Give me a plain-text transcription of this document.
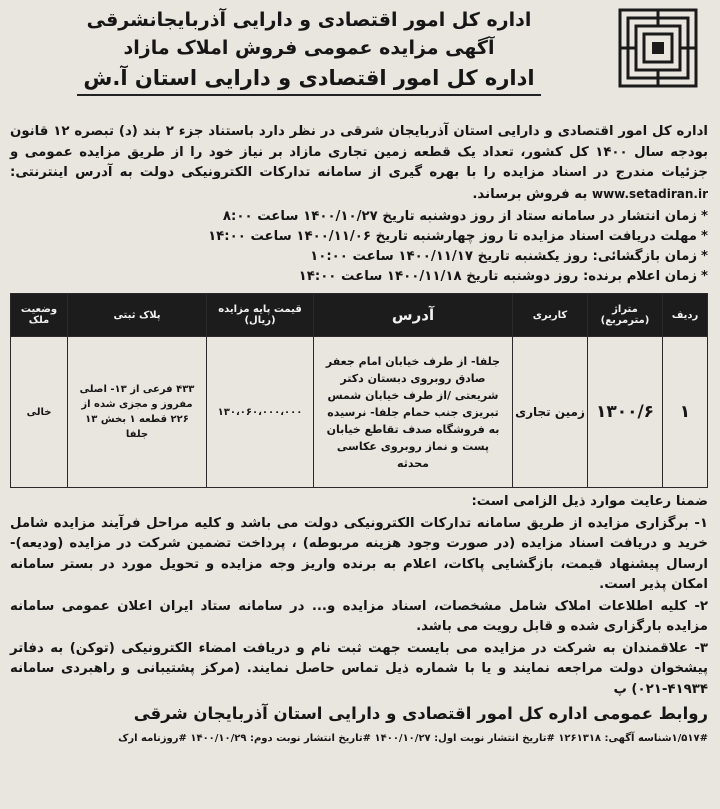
اداره کل امور اقتصادی و دارایی آذربایجانشرقی
آگهی مزایده عمومی فروش املاک مازاد
اداره کل امور اقتصادی و دارایی استان آ.ش
اداره کل امور اقتصادی و دارایی استان آذربایجان شرقی در نظر دارد باستناد جزء ۲ بند (د) تبصره ۱۲ قانون بودجه سال ۱۴۰۰ کل کشور، تعداد یک قطعه زمین تجاری مازاد بر نیاز خود را از طریق مزایده عمومی و جزئیات مندرج در اسناد مزایده را با بهره گیری از سامانه تدارکات الکترونیکی دولت به آدرس اینترنتی: www.setadiran.ir به فروش برساند.
*زمان انتشار در سامانه ستاد از روز دوشنبه تاریخ ۱۴۰۰/۱۰/۲۷ ساعت ۸:۰۰
*مهلت دریافت اسناد مزایده تا روز چهارشنبه تاریخ ۱۴۰۰/۱۱/۰۶ ساعت ۱۴:۰۰
*زمان بازگشائی: روز یکشنبه تاریخ ۱۴۰۰/۱۱/۱۷ ساعت ۱۰:۰۰
*زمان اعلام برنده: روز دوشنبه تاریخ ۱۴۰۰/۱۱/۱۸ ساعت ۱۴:۰۰
ردیف	متراژ (مترمربع)	کاربری	آدرس	قیمت پایه مزایده (ریال)	پلاک ثبتی	وضعیت ملک
۱	۱۳۰۰/۶	زمین تجاری	جلفا- از طرف خیابان امام جعفر صادق روبروی دبستان دکتر شریعتی /از طرف خیابان شمس تبریزی جنب حمام جلفا- نرسیده به فروشگاه صدف تقاطع خیابان پست و نماز روبروی عکاسی محدثه	۱۳۰،۰۶۰،۰۰۰،۰۰۰	۴۳۳ فرعی از ۱۳- اصلی مفروز و مجزی شده از ۲۲۶ قطعه ۱ بخش ۱۳ جلفا	خالی

ضمنا رعایت موارد ذیل الزامی است:

۱- برگزاری مزایده از طریق سامانه تدارکات الکترونیکی دولت می باشد و کلیه مراحل فرآیند مزایده شامل خرید و دریافت اسناد مزایده (در صورت وجود هزینه مربوطه) ، پرداخت تضمین شرکت در مزایده (ودیعه)- ارسال پیشنهاد قیمت، بازگشایی پاکات، اعلام به برنده واریز وجه مزایده و تحویل مورد در بستر سامانه امکان پذیر است.

۲- کلیه اطلاعات املاک شامل مشخصات، اسناد مزایده و... در سامانه ستاد ایران اعلان عمومی سامانه مزایده بارگزاری شده و قابل رویت می باشد.

۳- علاقمندان به شرکت در مزایده می بایست جهت ثبت نام و دریافت امضاء الکترونیکی (توکن) به دفاتر پیشخوان دولت مراجعه نمایند و یا با شماره ذیل تماس حاصل نمایند. (مرکز پشتیبانی و راهبردی سامانه ۴۱۹۳۴-۰۲۱) پ

روابط عمومی اداره کل امور اقتصادی و دارایی استان آذربایجان شرقی
۱/۵۱۷#شناسه آگهی: ۱۲۶۱۳۱۸ #تاریخ انتشار نوبت اول: ۱۴۰۰/۱۰/۲۷ #تاریخ انتشار نوبت دوم: ۱۴۰۰/۱۰/۲۹ #روزنامه ارک
